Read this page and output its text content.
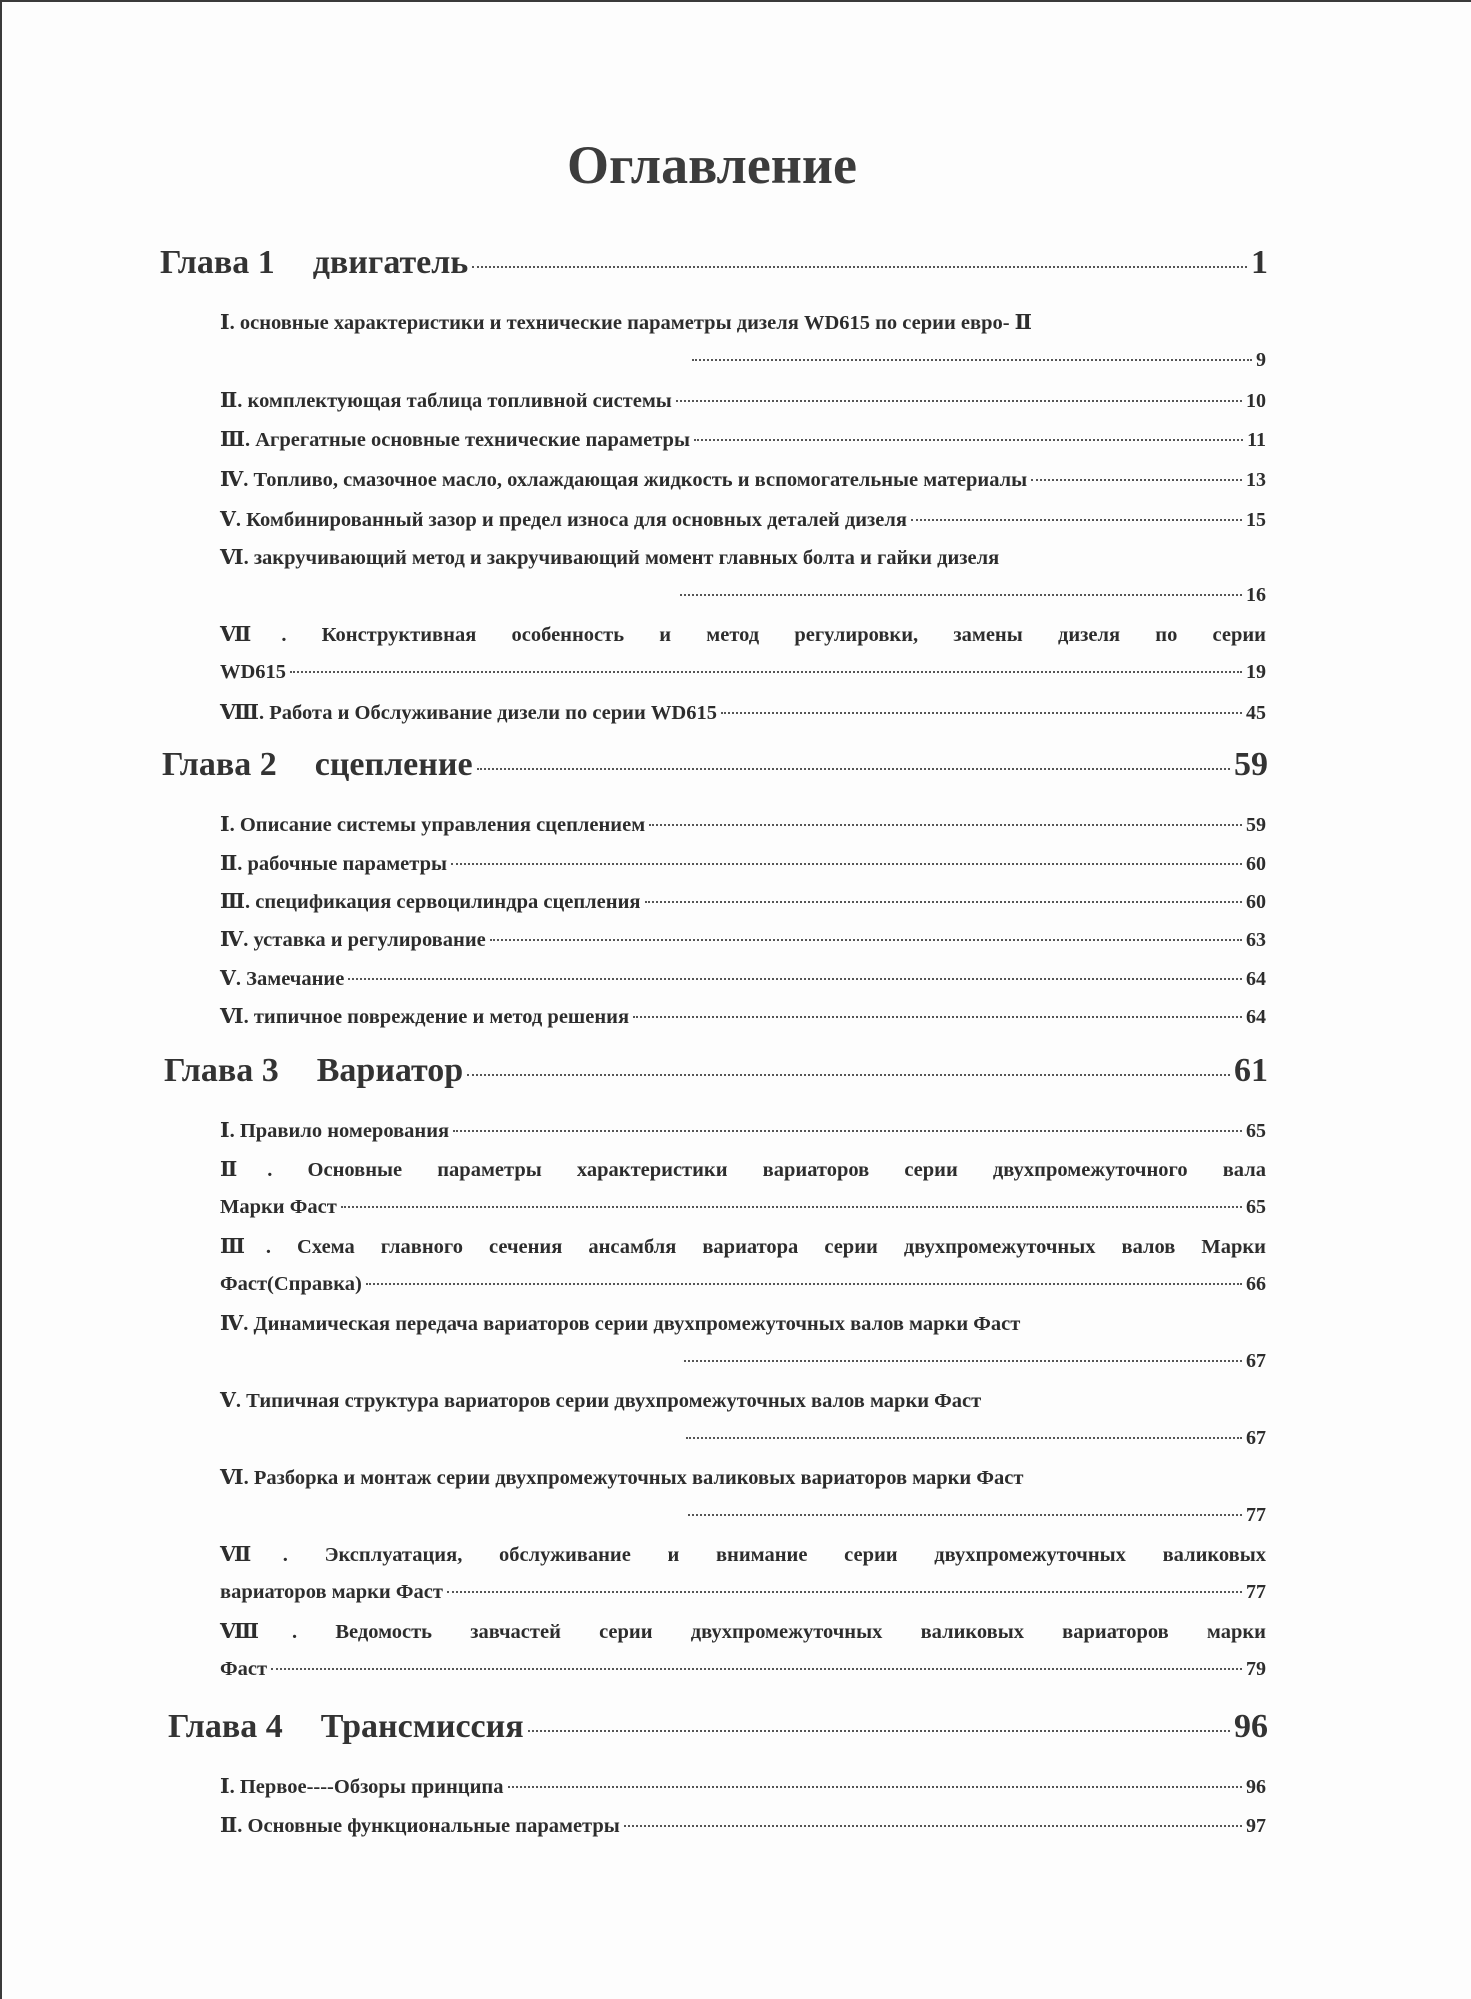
Оглавление
Глава 1 двигатель	1
Ⅰ. основные характеристики и технические параметры дизеля WD615 по серии евро- Ⅱ
9
Ⅱ. комплектующая таблица топливной системы	10
Ⅲ. Агрегатные основные технические параметры	11
Ⅳ. Топливо, смазочное масло, охлаждающая жидкость и вспомогательные материалы	13
Ⅴ. Комбинированный зазор и предел износа для основных деталей дизеля	15
Ⅵ. закручивающий метод и закручивающий момент главных болта и гайки дизеля
16
Ⅶ. Конструктивная особенность и метод регулировки, замены дизеля по серии
WD615	19
Ⅷ. Работа и Обслуживание дизели по серии WD615	45
Глава 2 сцепление	59
Ⅰ. Описание системы управления сцеплением	59
Ⅱ. рабочные параметры	60
Ⅲ. спецификация сервоцилиндра сцепления	60
Ⅳ. уставка и регулирование	63
Ⅴ. Замечание	64
Ⅵ. типичное повреждение и метод решения	64
Глава 3 Вариатор	61
Ⅰ. Правило номерования	65
Ⅱ. Основные параметры характеристики вариаторов серии двухпромежуточного вала
Марки Фаст	65
Ⅲ. Схема главного сечения ансамбля вариатора серии двухпромежуточных валов Марки
Фаст(Справка)	66
Ⅳ. Динамическая передача вариаторов серии двухпромежуточных валов марки Фаст
67
Ⅴ. Типичная структура вариаторов серии двухпромежуточных валов марки Фаст
67
Ⅵ. Разборка и монтаж серии двухпромежуточных валиковых вариаторов марки Фаст
77
Ⅶ. Эксплуатация, обслуживание и внимание серии двухпромежуточных валиковых
вариаторов марки Фаст	77
Ⅷ. Ведомость завчастей серии двухпромежуточных валиковых вариаторов марки
Фаст	79
Глава 4 Трансмиссия	96
Ⅰ. Первое----Обзоры принципа	96
Ⅱ. Основные функциональные параметры	97
